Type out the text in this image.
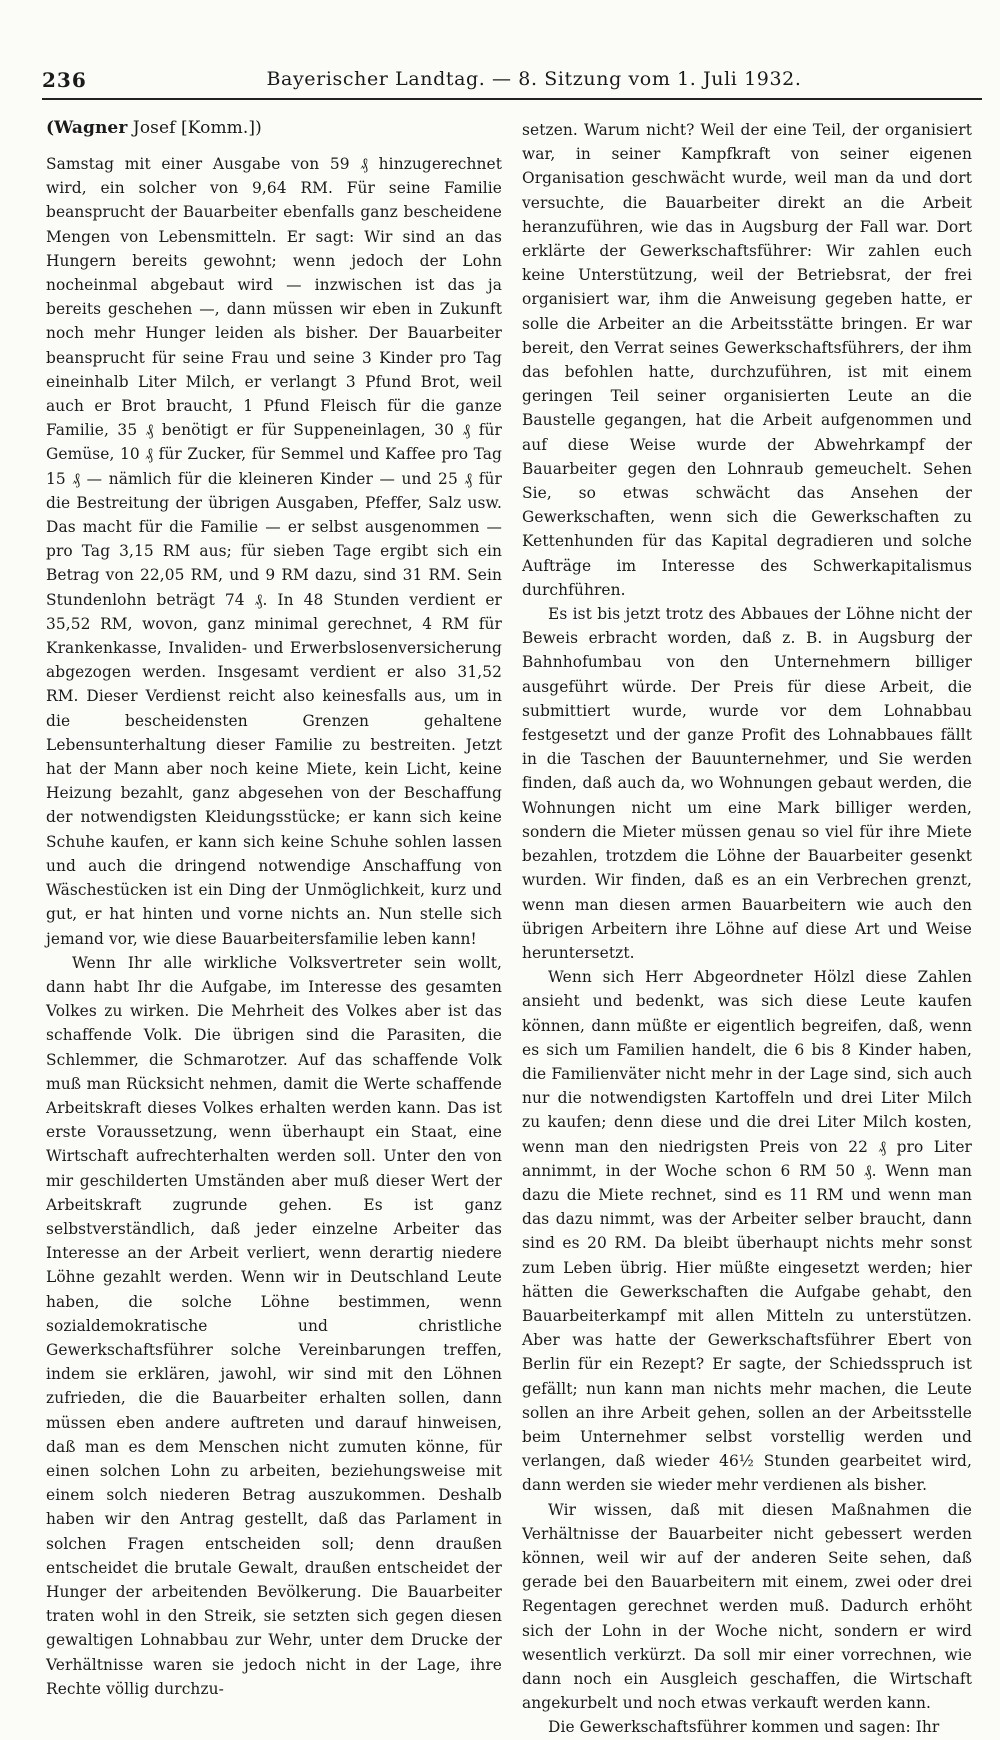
236	Bayerischer Landtag. — 8. Sitzung vom 1. Juli 1932.
(Wagner Josef [Komm.])

Samstag mit einer Ausgabe von 59 ₰ hinzugerechnet wird, ein solcher von 9,64 RM. Für seine Familie beansprucht der Bauarbeiter ebenfalls ganz bescheidene Mengen von Lebensmitteln. Er sagt: Wir sind an das Hungern bereits gewohnt; wenn jedoch der Lohn nocheinmal abgebaut wird — inzwischen ist das ja bereits geschehen —, dann müssen wir eben in Zukunft noch mehr Hunger leiden als bisher. Der Bauarbeiter beansprucht für seine Frau und seine 3 Kinder pro Tag eineinhalb Liter Milch, er verlangt 3 Pfund Brot, weil auch er Brot braucht, 1 Pfund Fleisch für die ganze Familie, 35 ₰ benötigt er für Suppeneinlagen, 30 ₰ für Gemüse, 10 ₰ für Zucker, für Semmel und Kaffee pro Tag 15 ₰ — nämlich für die kleineren Kinder — und 25 ₰ für die Bestreitung der übrigen Ausgaben, Pfeffer, Salz usw. Das macht für die Familie — er selbst ausgenommen — pro Tag 3,15 RM aus; für sieben Tage ergibt sich ein Betrag von 22,05 RM, und 9 RM dazu, sind 31 RM. Sein Stundenlohn beträgt 74 ₰. In 48 Stunden verdient er 35,52 RM, wovon, ganz minimal gerechnet, 4 RM für Krankenkasse, Invaliden- und Erwerbslosenversicherung abgezogen werden. Insgesamt verdient er also 31,52 RM. Dieser Verdienst reicht also keinesfalls aus, um in die bescheidensten Grenzen gehaltene Lebensunterhaltung dieser Familie zu bestreiten. Jetzt hat der Mann aber noch keine Miete, kein Licht, keine Heizung bezahlt, ganz abgesehen von der Beschaffung der notwendigsten Kleidungsstücke; er kann sich keine Schuhe kaufen, er kann sich keine Schuhe sohlen lassen und auch die dringend notwendige Anschaffung von Wäschestücken ist ein Ding der Unmöglichkeit, kurz und gut, er hat hinten und vorne nichts an. Nun stelle sich jemand vor, wie diese Bauarbeitersfamilie leben kann!

Wenn Ihr alle wirkliche Volksvertreter sein wollt, dann habt Ihr die Aufgabe, im Interesse des gesamten Volkes zu wirken. Die Mehrheit des Volkes aber ist das schaffende Volk. Die übrigen sind die Parasiten, die Schlemmer, die Schmarotzer. Auf das schaffende Volk muß man Rücksicht nehmen, damit die Werte schaffende Arbeitskraft dieses Volkes erhalten werden kann. Das ist erste Voraussetzung, wenn überhaupt ein Staat, eine Wirtschaft aufrechterhalten werden soll. Unter den von mir geschilderten Umständen aber muß dieser Wert der Arbeitskraft zugrunde gehen. Es ist ganz selbstverständlich, daß jeder einzelne Arbeiter das Interesse an der Arbeit verliert, wenn derartig niedere Löhne gezahlt werden. Wenn wir in Deutschland Leute haben, die solche Löhne bestimmen, wenn sozialdemokratische und christliche Gewerkschaftsführer solche Vereinbarungen treffen, indem sie erklären, jawohl, wir sind mit den Löhnen zufrieden, die die Bauarbeiter erhalten sollen, dann müssen eben andere auftreten und darauf hinweisen, daß man es dem Menschen nicht zumuten könne, für einen solchen Lohn zu arbeiten, beziehungsweise mit einem solch niederen Betrag auszukommen. Deshalb haben wir den Antrag gestellt, daß das Parlament in solchen Fragen entscheiden soll; denn draußen entscheidet die brutale Gewalt, draußen entscheidet der Hunger der arbeitenden Bevölkerung. Die Bauarbeiter traten wohl in den Streik, sie setzten sich gegen diesen gewaltigen Lohnabbau zur Wehr, unter dem Drucke der Verhältnisse waren sie jedoch nicht in der Lage, ihre Rechte völlig durchzu-

setzen. Warum nicht? Weil der eine Teil, der organisiert war, in seiner Kampfkraft von seiner eigenen Organisation geschwächt wurde, weil man da und dort versuchte, die Bauarbeiter direkt an die Arbeit heranzuführen, wie das in Augsburg der Fall war. Dort erklärte der Gewerkschaftsführer: Wir zahlen euch keine Unterstützung, weil der Betriebsrat, der frei organisiert war, ihm die Anweisung gegeben hatte, er solle die Arbeiter an die Arbeitsstätte bringen. Er war bereit, den Verrat seines Gewerkschaftsführers, der ihm das befohlen hatte, durchzuführen, ist mit einem geringen Teil seiner organisierten Leute an die Baustelle gegangen, hat die Arbeit aufgenommen und auf diese Weise wurde der Abwehrkampf der Bauarbeiter gegen den Lohnraub gemeuchelt. Sehen Sie, so etwas schwächt das Ansehen der Gewerkschaften, wenn sich die Gewerkschaften zu Kettenhunden für das Kapital degradieren und solche Aufträge im Interesse des Schwerkapitalismus durchführen.

Es ist bis jetzt trotz des Abbaues der Löhne nicht der Beweis erbracht worden, daß z. B. in Augsburg der Bahnhofumbau von den Unternehmern billiger ausgeführt würde. Der Preis für diese Arbeit, die submittiert wurde, wurde vor dem Lohnabbau festgesetzt und der ganze Profit des Lohnabbaues fällt in die Taschen der Bauunternehmer, und Sie werden finden, daß auch da, wo Wohnungen gebaut werden, die Wohnungen nicht um eine Mark billiger werden, sondern die Mieter müssen genau so viel für ihre Miete bezahlen, trotzdem die Löhne der Bauarbeiter gesenkt wurden. Wir finden, daß es an ein Verbrechen grenzt, wenn man diesen armen Bauarbeitern wie auch den übrigen Arbeitern ihre Löhne auf diese Art und Weise heruntersetzt.

Wenn sich Herr Abgeordneter Hölzl diese Zahlen ansieht und bedenkt, was sich diese Leute kaufen können, dann müßte er eigentlich begreifen, daß, wenn es sich um Familien handelt, die 6 bis 8 Kinder haben, die Familienväter nicht mehr in der Lage sind, sich auch nur die notwendigsten Kartoffeln und drei Liter Milch zu kaufen; denn diese und die drei Liter Milch kosten, wenn man den niedrigsten Preis von 22 ₰ pro Liter annimmt, in der Woche schon 6 RM 50 ₰. Wenn man dazu die Miete rechnet, sind es 11 RM und wenn man das dazu nimmt, was der Arbeiter selber braucht, dann sind es 20 RM. Da bleibt überhaupt nichts mehr sonst zum Leben übrig. Hier müßte eingesetzt werden; hier hätten die Gewerkschaften die Aufgabe gehabt, den Bauarbeiterkampf mit allen Mitteln zu unterstützen. Aber was hatte der Gewerkschaftsführer Ebert von Berlin für ein Rezept? Er sagte, der Schiedsspruch ist gefällt; nun kann man nichts mehr machen, die Leute sollen an ihre Arbeit gehen, sollen an der Arbeitsstelle beim Unternehmer selbst vorstellig werden und verlangen, daß wieder 46½ Stunden gearbeitet wird, dann werden sie wieder mehr verdienen als bisher.

Wir wissen, daß mit diesen Maßnahmen die Verhältnisse der Bauarbeiter nicht gebessert werden können, weil wir auf der anderen Seite sehen, daß gerade bei den Bauarbeitern mit einem, zwei oder drei Regentagen gerechnet werden muß. Dadurch erhöht sich der Lohn in der Woche nicht, sondern er wird wesentlich verkürzt. Da soll mir einer vorrechnen, wie dann noch ein Ausgleich geschaffen, die Wirtschaft angekurbelt und noch etwas verkauft werden kann.

Die Gewerkschaftsführer kommen und sagen: Ihr
